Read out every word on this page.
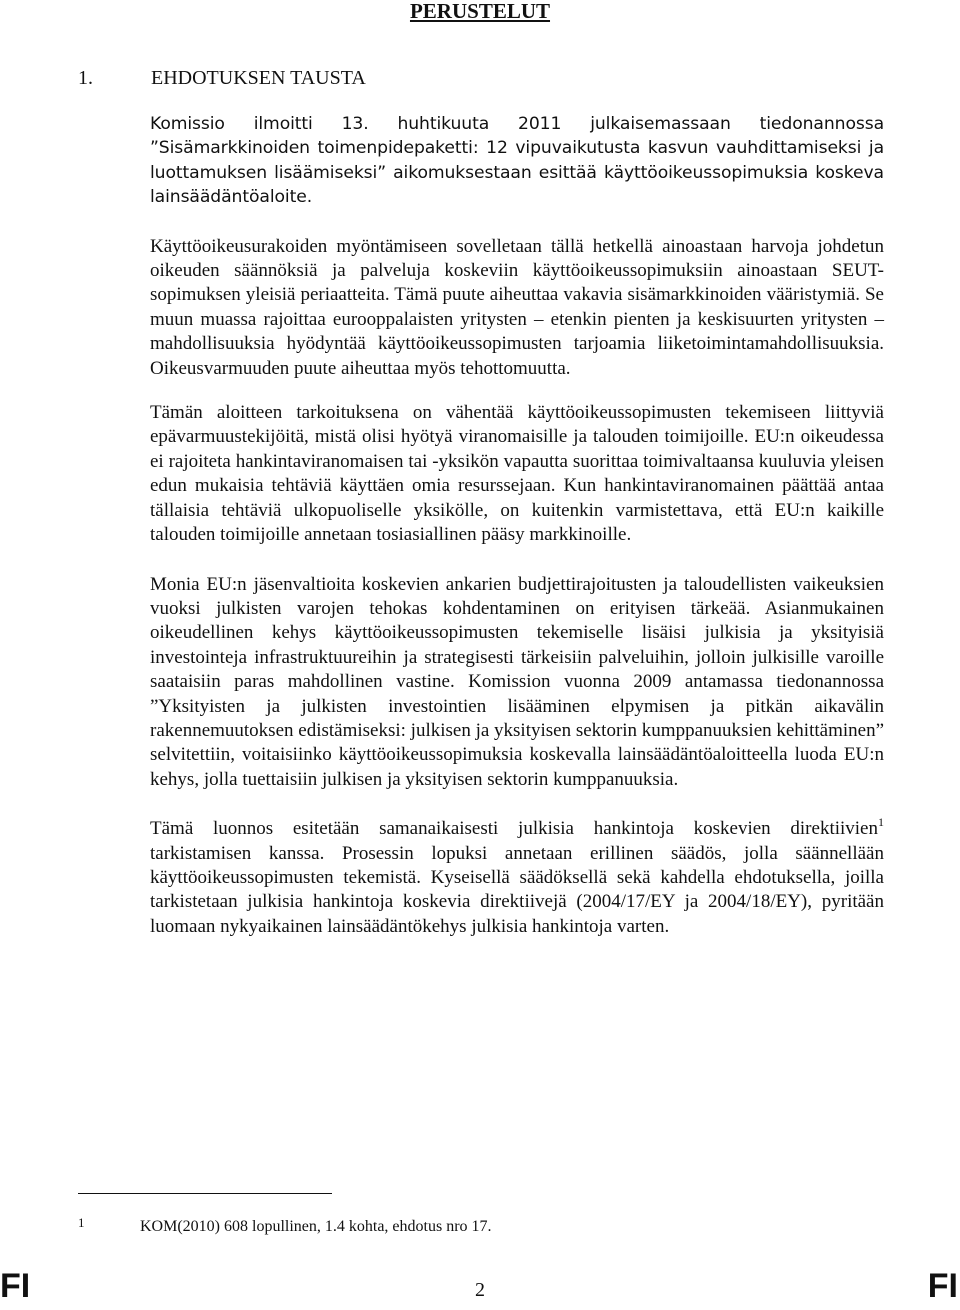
PERUSTELUT
1.	EHDOTUKSEN TAUSTA

Komissio ilmoitti 13. huhtikuuta 2011 julkaisemassaan tiedonannossa ”Sisämarkkinoiden toimenpidepaketti: 12 vipuvaikutusta kasvun vauhdittamiseksi ja luottamuksen lisäämiseksi” aikomuksestaan esittää käyttöoikeussopimuksia koskeva lainsäädäntöaloite.

Käyttöoikeusurakoiden myöntämiseen sovelletaan tällä hetkellä ainoastaan harvoja johdetun oikeuden säännöksiä ja palveluja koskeviin käyttöoikeussopimuksiin ainoastaan SEUT-sopimuksen yleisiä periaatteita. Tämä puute aiheuttaa vakavia sisämarkkinoiden vääristymiä. Se muun muassa rajoittaa eurooppalaisten yritysten – etenkin pienten ja keskisuurten yritysten – mahdollisuuksia hyödyntää käyttöoikeussopimusten tarjoamia liiketoimintamahdollisuuksia. Oikeusvarmuuden puute aiheuttaa myös tehottomuutta.

Tämän aloitteen tarkoituksena on vähentää käyttöoikeussopimusten tekemiseen liittyviä epävarmuustekijöitä, mistä olisi hyötyä viranomaisille ja talouden toimijoille. EU:n oikeudessa ei rajoiteta hankintaviranomaisen tai -yksikön vapautta suorittaa toimivaltaansa kuuluvia yleisen edun mukaisia tehtäviä käyttäen omia resurssejaan. Kun hankintaviranomainen päättää antaa tällaisia tehtäviä ulkopuoliselle yksikölle, on kuitenkin varmistettava, että EU:n kaikille talouden toimijoille annetaan tosiasiallinen pääsy markkinoille.

Monia EU:n jäsenvaltioita koskevien ankarien budjettirajoitusten ja taloudellisten vaikeuksien vuoksi julkisten varojen tehokas kohdentaminen on erityisen tärkeää. Asianmukainen oikeudellinen kehys käyttöoikeussopimusten tekemiselle lisäisi julkisia ja yksityisiä investointeja infrastruktuureihin ja strategisesti tärkeisiin palveluihin, jolloin julkisille varoille saataisiin paras mahdollinen vastine. Komission vuonna 2009 antamassa tiedonannossa ”Yksityisten ja julkisten investointien lisääminen elpymisen ja pitkän aikavälin rakennemuutoksen edistämiseksi: julkisen ja yksityisen sektorin kumppanuuksien kehittäminen” selvitettiin, voitaisiinko käyttöoikeussopimuksia koskevalla lainsäädäntöaloitteella luoda EU:n kehys, jolla tuettaisiin julkisen ja yksityisen sektorin kumppanuuksia.

Tämä luonnos esitetään samanaikaisesti julkisia hankintoja koskevien direktiivien$^1$ tarkistamisen kanssa. Prosessin lopuksi annetaan erillinen säädös, jolla säännellään käyttöoikeussopimusten tekemistä. Kyseisellä säädöksellä sekä kahdella ehdotuksella, joilla tarkistetaan julkisia hankintoja koskevia direktiivejä (2004/17/EY ja 2004/18/EY), pyritään luomaan nykyaikainen lainsäädäntökehys julkisia hankintoja varten.

1	KOM(2010) 608 lopullinen, 1.4 kohta, ehdotus nro 17.
FI	2	FI
